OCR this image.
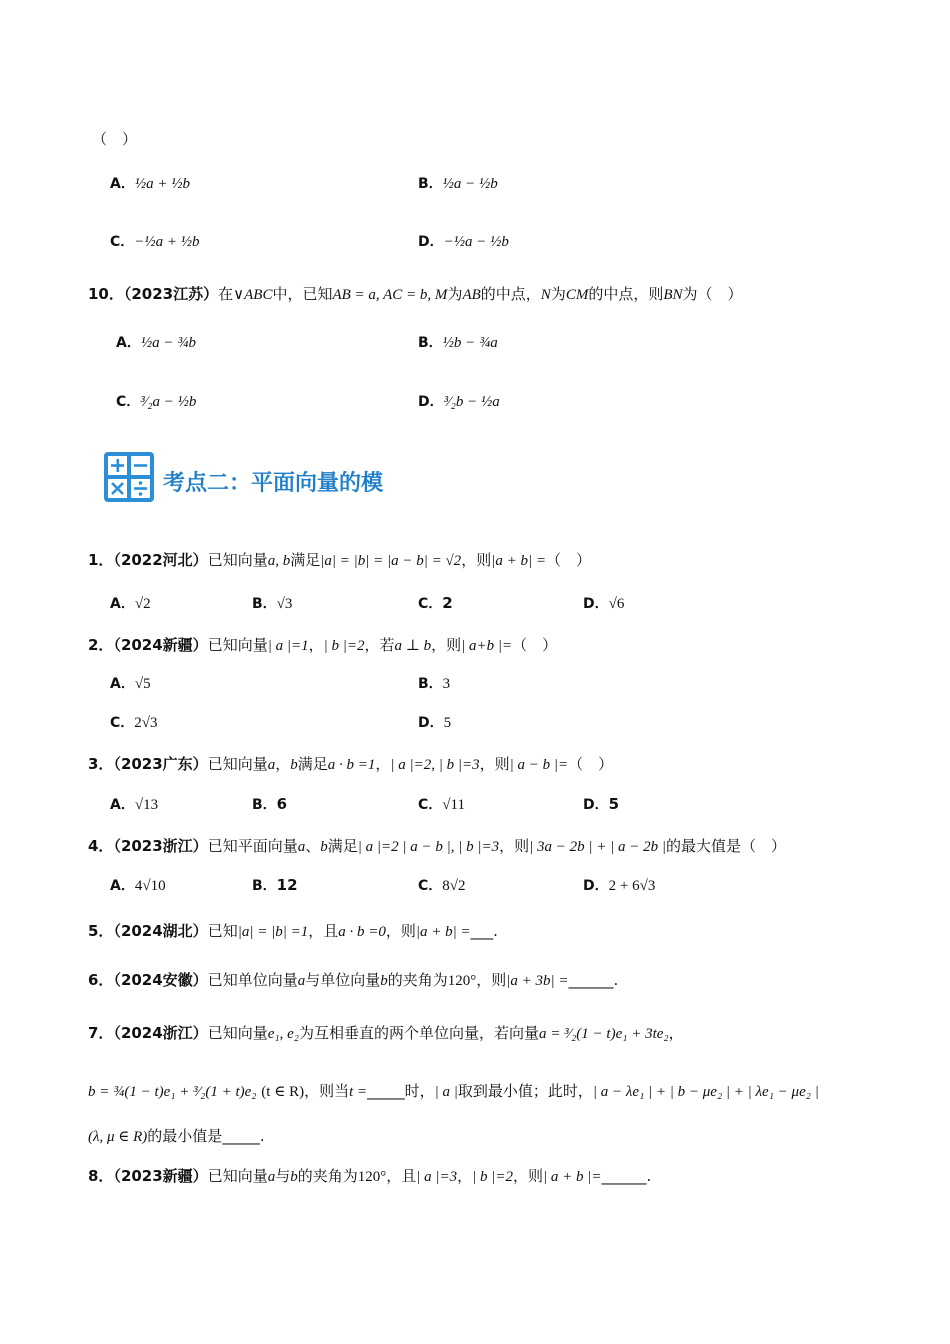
（　）
A．½a + ½b	B．½a − ½b
C．−½a + ½b	D．−½a − ½b
10．（2023江苏）在∨ABC中，已知AB = a, AC = b, M为AB的中点，N为CM的中点，则BN为（　）
A．½a − ¾b	B．½b − ¾a
C．³⁄₂a − ½b	D．³⁄₂b − ½a
考点二：平面向量的模
1．（2022河北）已知向量a, b满足|a| = |b| = |a − b| = √2，则|a + b| =（　）
A．√2	B．√3	C．2	D．√6
2．（2024新疆）已知向量| a |=1，| b |=2，若a ⊥ b，则| a+b |=（　）
A．√5	B．3
C．2√3	D．5
3．（2023广东）已知向量a，b满足a · b =1，| a |=2, | b |=3，则| a − b |=（　）
A．√13	B．6	C．√11	D．5
4．（2023浙江）已知平面向量a、b满足| a |=2 | a − b |, | b |=3，则| 3a − 2b | + | a − 2b |的最大值是（　）
A．4√10	B．12	C．8√2	D．2 + 6√3
5．（2024湖北）已知|a| = |b| =1，且a · b =0，则|a + b| =___.
6．（2024安徽）已知单位向量a与单位向量b的夹角为120°，则|a + 3b| =______.
7．（2024浙江）已知向量e₁, e₂为互相垂直的两个单位向量，若向量a = ³⁄₂(1 − t)e₁ + 3te₂，
b = ¾(1 − t)e₁ + ³⁄₂(1 + t)e₂ (t ∈ R)，则当t =_____时，| a |取到最小值；此时，| a − λe₁ | + | b − μe₂ | + | λe₁ − μe₂ |
(λ, μ ∈ R)的最小值是_____.
8．（2023新疆）已知向量a与b的夹角为120°，且| a |=3，| b |=2，则| a + b |=______.
